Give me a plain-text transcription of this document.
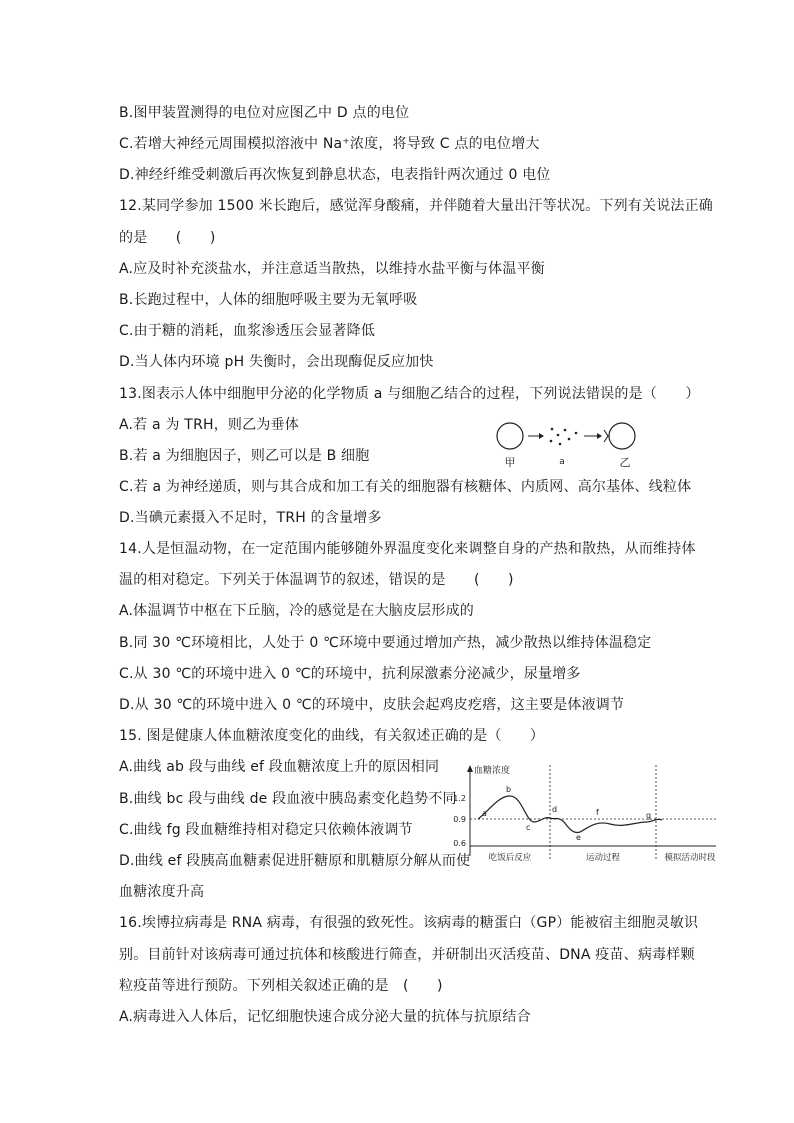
B.图甲装置测得的电位对应图乙中 D 点的电位
C.若增大神经元周围模拟溶液中 Na⁺浓度，将导致 C 点的电位增大
D.神经纤维受刺激后再次恢复到静息状态，电表指针两次通过 0 电位
12.某同学参加 1500 米长跑后，感觉浑身酸痛，并伴随着大量出汗等状况。下列有关说法正确
的是　　(　　)
A.应及时补充淡盐水，并注意适当散热，以维持水盐平衡与体温平衡
B.长跑过程中，人体的细胞呼吸主要为无氧呼吸
C.由于糖的消耗，血浆渗透压会显著降低
D.当人体内环境 pH 失衡时，会出现酶促反应加快
13.图表示人体中细胞甲分泌的化学物质 a 与细胞乙结合的过程，下列说法错误的是（　　）
A.若 a 为 TRH，则乙为垂体
B.若 a 为细胞因子，则乙可以是 B 细胞
C.若 a 为神经递质，则与其合成和加工有关的细胞器有核糖体、内质网、高尔基体、线粒体
D.当碘元素摄入不足时，TRH 的含量增多
甲	a	乙
14.人是恒温动物，在一定范围内能够随外界温度变化来调整自身的产热和散热，从而维持体
温的相对稳定。下列关于体温调节的叙述，错误的是　　(　　)
A.体温调节中枢在下丘脑，冷的感觉是在大脑皮层形成的
B.同 30 ℃环境相比，人处于 0 ℃环境中要通过增加产热，减少散热以维持体温稳定
C.从 30 ℃的环境中进入 0 ℃的环境中，抗利尿激素分泌减少，尿量增多
D.从 30 ℃的环境中进入 0 ℃的环境中，皮肤会起鸡皮疙瘩，这主要是体液调节
15. 图是健康人体血糖浓度变化的曲线，有关叙述正确的是（　　）
A.曲线 ab 段与曲线 ef 段血糖浓度上升的原因相同
B.曲线 bc 段与曲线 de 段血液中胰岛素变化趋势不同
C.曲线 fg 段血糖维持相对稳定只依赖体液调节
D.曲线 ef 段胰高血糖素促进肝糖原和肌糖原分解从而使
血糖浓度升高
血糖浓度
1.2
0.9
0.6
a
b
c
d
e
f	g
吃饭后反应	运动过程	模拟活动时段
16.埃博拉病毒是 RNA 病毒，有很强的致死性。该病毒的糖蛋白（GP）能被宿主细胞灵敏识
别。目前针对该病毒可通过抗体和核酸进行筛查，并研制出灭活疫苗、DNA 疫苗、病毒样颗
粒疫苗等进行预防。下列相关叙述正确的是　(　　)
A.病毒进入人体后，记忆细胞快速合成分泌大量的抗体与抗原结合
